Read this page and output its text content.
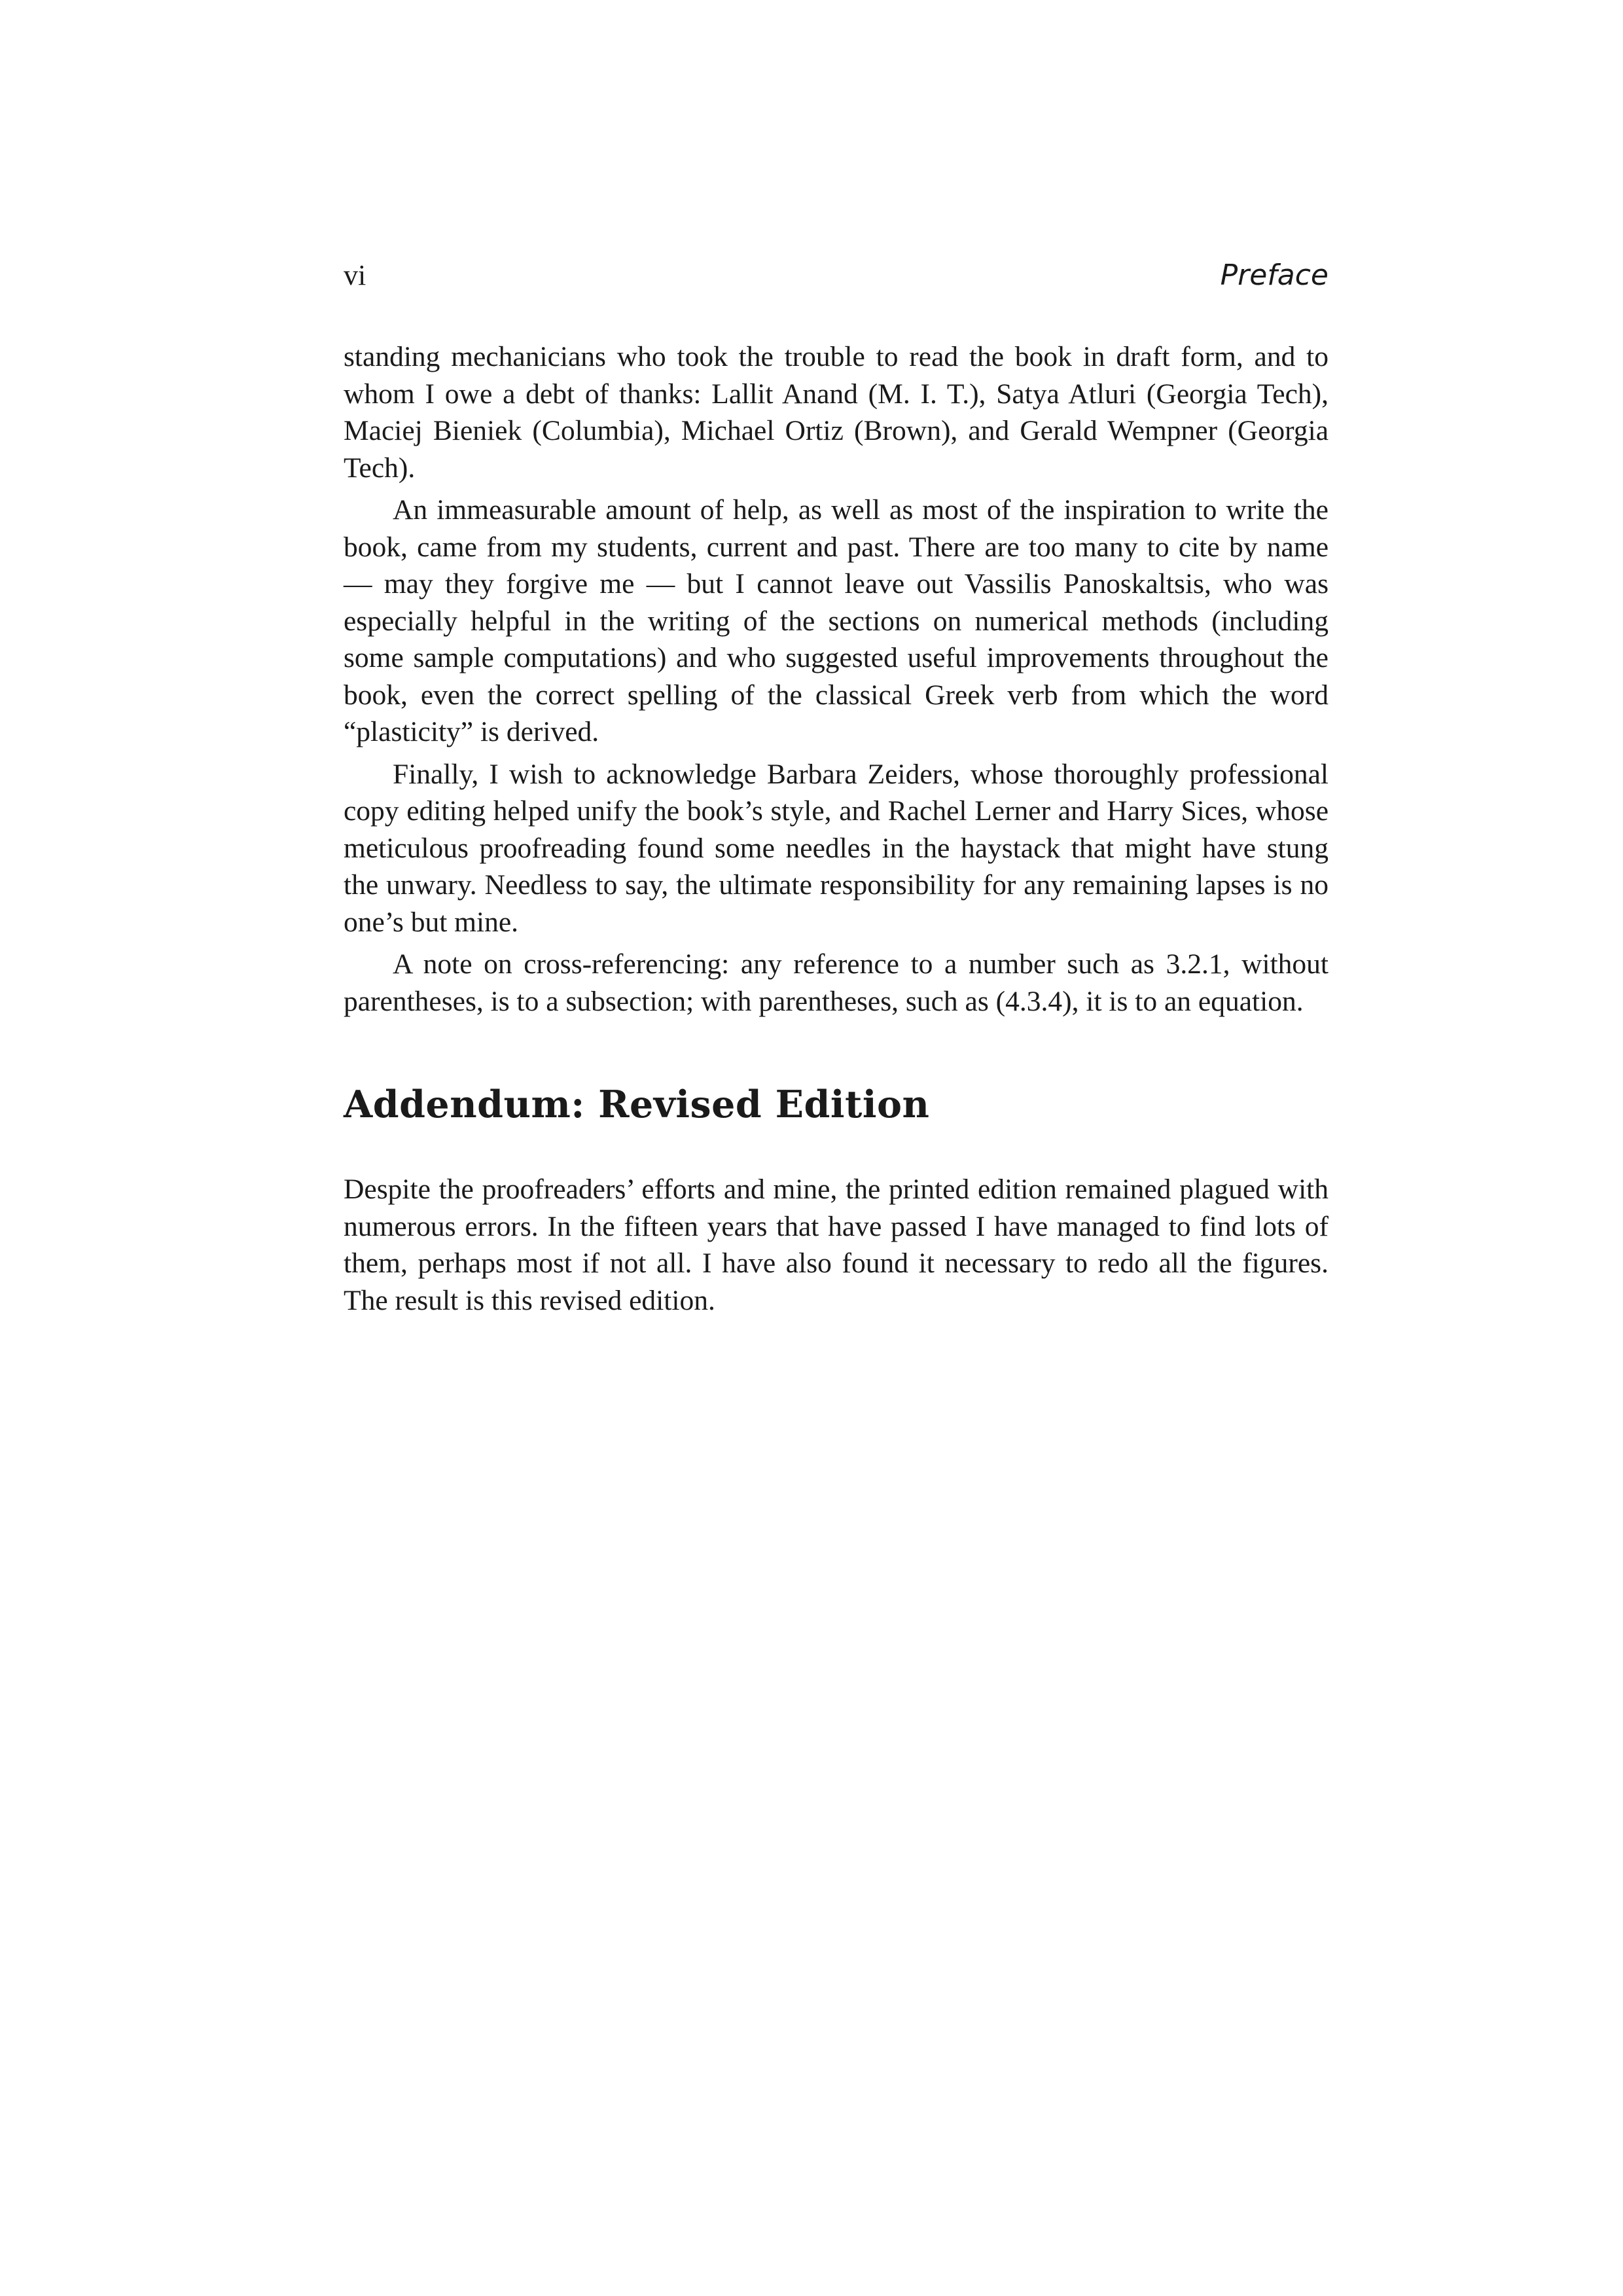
vi	Preface

standing mechanicians who took the trouble to read the book in draft form, and to whom I owe a debt of thanks: Lallit Anand (M. I. T.), Satya Atluri (Georgia Tech), Maciej Bieniek (Columbia), Michael Ortiz (Brown), and Gerald Wempner (Georgia Tech).

An immeasurable amount of help, as well as most of the inspiration to write the book, came from my students, current and past. There are too many to cite by name — may they forgive me — but I cannot leave out Vassilis Panoskaltsis, who was especially helpful in the writing of the sections on numerical methods (including some sample computations) and who suggested useful improvements throughout the book, even the correct spelling of the classical Greek verb from which the word “plasticity” is derived.

Finally, I wish to acknowledge Barbara Zeiders, whose thoroughly professional copy editing helped unify the book’s style, and Rachel Lerner and Harry Sices, whose meticulous proofreading found some needles in the haystack that might have stung the unwary. Needless to say, the ultimate responsibility for any remaining lapses is no one’s but mine.

A note on cross-referencing: any reference to a number such as 3.2.1, without parentheses, is to a subsection; with parentheses, such as (4.3.4), it is to an equation.

Addendum: Revised Edition

Despite the proofreaders’ efforts and mine, the printed edition remained plagued with numerous errors. In the fifteen years that have passed I have managed to find lots of them, perhaps most if not all. I have also found it necessary to redo all the figures. The result is this revised edition.
